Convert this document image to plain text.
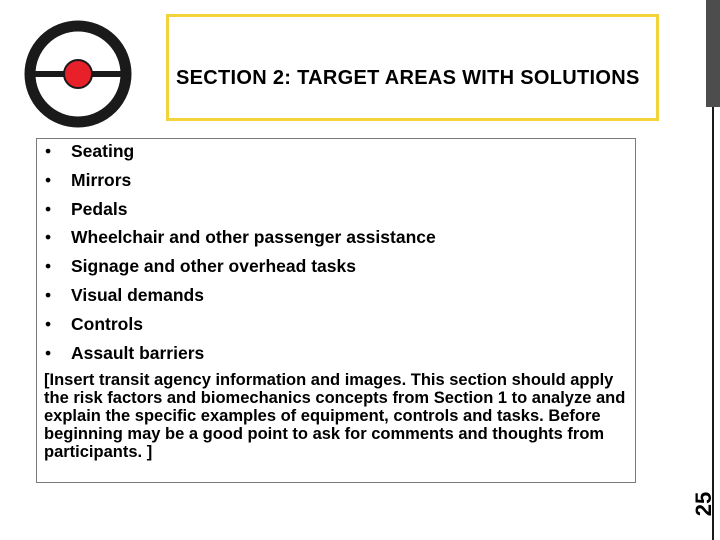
SECTION 2: TARGET AREAS WITH SOLUTIONS
• Seating
• Mirrors
• Pedals
• Wheelchair and other passenger assistance
• Signage and other overhead tasks
• Visual demands
• Controls
• Assault barriers
[Insert transit agency information and images. This section should apply the risk factors and biomechanics concepts from Section 1 to analyze and explain the specific examples of equipment, controls and tasks. Before beginning may be a good point to ask for comments and thoughts from participants. ]
25
